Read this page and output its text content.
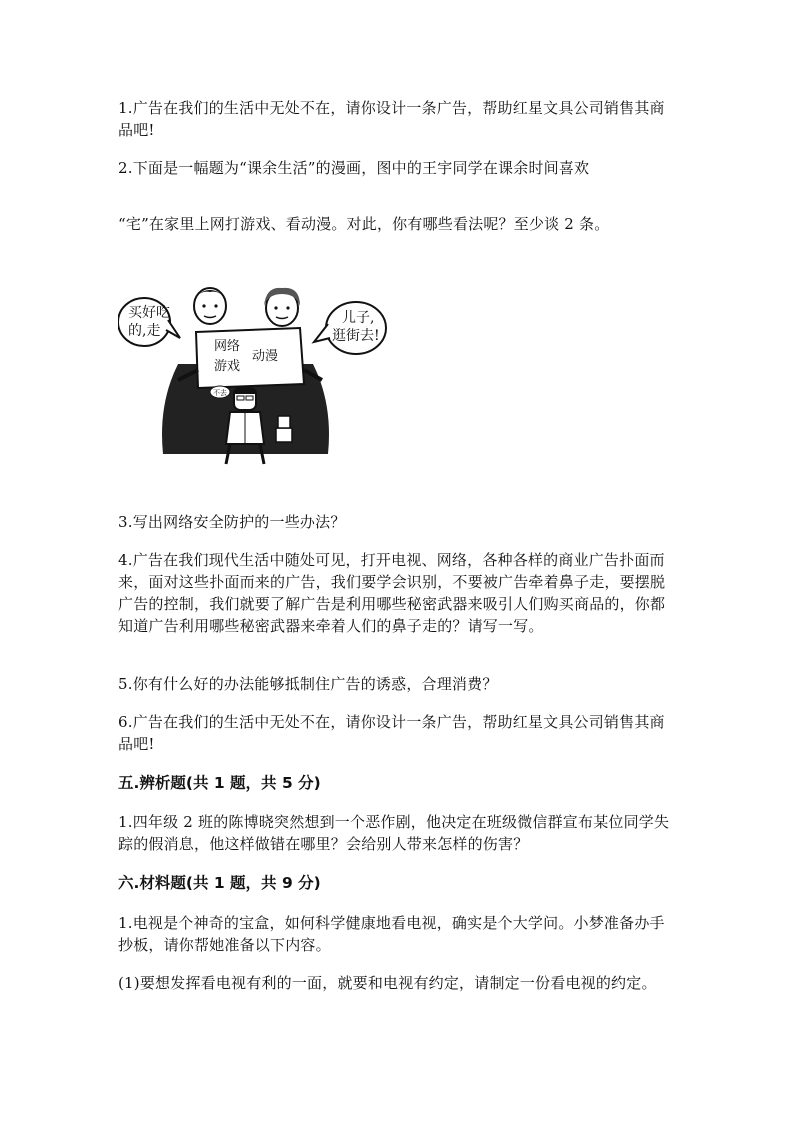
1.广告在我们的生活中无处不在，请你设计一条广告，帮助红星文具公司销售其商品吧!
2.下面是一幅题为“课余生活”的漫画，图中的王宇同学在课余时间喜欢
“宅”在家里上网打游戏、看动漫。对此，你有哪些看法呢？至少谈 2 条。
买好吃
的,走
儿子,
逛街去!
网络
游戏
动漫
不去
3.写出网络安全防护的一些办法？
4.广告在我们现代生活中随处可见，打开电视、网络，各种各样的商业广告扑面而来，面对这些扑面而来的广告，我们要学会识别，不要被广告牵着鼻子走，要摆脱广告的控制，我们就要了解广告是利用哪些秘密武器来吸引人们购买商品的，你都知道广告利用哪些秘密武器来牵着人们的鼻子走的？请写一写。
5.你有什么好的办法能够抵制住广告的诱惑，合理消费？
6.广告在我们的生活中无处不在，请你设计一条广告，帮助红星文具公司销售其商品吧!
五.辨析题(共 1 题，共 5 分)
1.四年级 2 班的陈博晓突然想到一个恶作剧，他决定在班级微信群宣布某位同学失踪的假消息，他这样做错在哪里？会给别人带来怎样的伤害？
六.材料题(共 1 题，共 9 分)
1.电视是个神奇的宝盒，如何科学健康地看电视，确实是个大学问。小梦准备办手抄板，请你帮她准备以下内容。
(1)要想发挥看电视有利的一面，就要和电视有约定，请制定一份看电视的约定。
